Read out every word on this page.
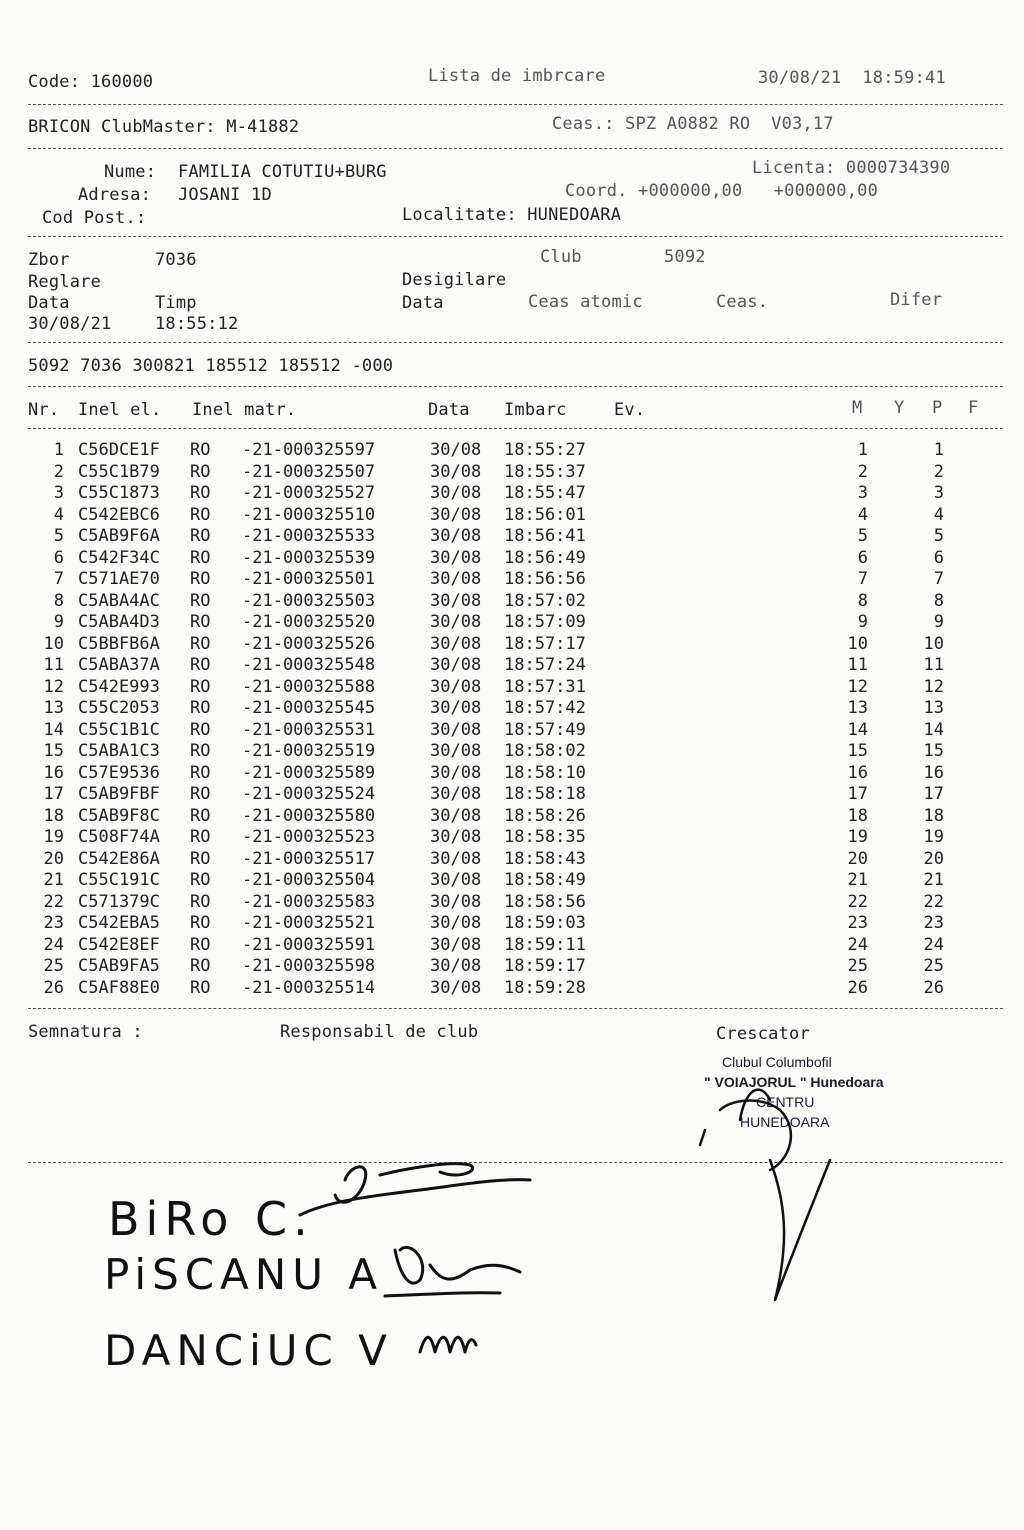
Code: 160000	Lista de imbrcare	30/08/21  18:59:41
BRICON ClubMaster: M-41882	Ceas.: SPZ A0882 RO  V03,17
Nume: FAMILIA COTUTIU+BURG	Licenta: 0000734390
Adresa: JOSANI 1D	Coord. +000000,00   +000000,00
Cod Post.:	Localitate: HUNEDOARA
Zbor	7036	Club	5092
Reglare	Desigilare
Data	Timp	Data	Ceas atomic	Ceas.	Difer
30/08/21	18:55:12
5092 7036 300821 185512 185512 -000
Nr. Inel el. Inel matr.	Data Imbarc	Ev.	M Y P F
1 C56DCE1F RO -21-000325597	30/08 18:55:27	1	1
2 C55C1B79 RO -21-000325507	30/08 18:55:37	2	2
3 C55C1873 RO -21-000325527	30/08 18:55:47	3	3
4 C542EBC6 RO -21-000325510	30/08 18:56:01	4	4
5 C5AB9F6A RO -21-000325533	30/08 18:56:41	5	5
6 C542F34C RO -21-000325539	30/08 18:56:49	6	6
7 C571AE70 RO -21-000325501	30/08 18:56:56	7	7
8 C5ABA4AC RO -21-000325503	30/08 18:57:02	8	8
9 C5ABA4D3 RO -21-000325520	30/08 18:57:09	9	9
10 C5BBFB6A RO -21-000325526	30/08 18:57:17	10	10
11 C5ABA37A RO -21-000325548	30/08 18:57:24	11	11
12 C542E993 RO -21-000325588	30/08 18:57:31	12	12
13 C55C2053 RO -21-000325545	30/08 18:57:42	13	13
14 C55C1B1C RO -21-000325531	30/08 18:57:49	14	14
15 C5ABA1C3 RO -21-000325519	30/08 18:58:02	15	15
16 C57E9536 RO -21-000325589	30/08 18:58:10	16	16
17 C5AB9FBF RO -21-000325524	30/08 18:58:18	17	17
18 C5AB9F8C RO -21-000325580	30/08 18:58:26	18	18
19 C508F74A RO -21-000325523	30/08 18:58:35	19	19
20 C542E86A RO -21-000325517	30/08 18:58:43	20	20
21 C55C191C RO -21-000325504	30/08 18:58:49	21	21
22 C571379C RO -21-000325583	30/08 18:58:56	22	22
23 C542EBA5 RO -21-000325521	30/08 18:59:03	23	23
24 C542E8EF RO -21-000325591	30/08 18:59:11	24	24
25 C5AB9FA5 RO -21-000325598	30/08 18:59:17	25	25
26 C5AF88E0 RO -21-000325514	30/08 18:59:28	26	26
Semnatura :	Responsabil de club	Crescator
Clubul Columbofil
" VOIAJORUL " Hunedoara
CENTRU
HUNEDOARA
BiRo C.
PiSCANU A
DANCiUC V
